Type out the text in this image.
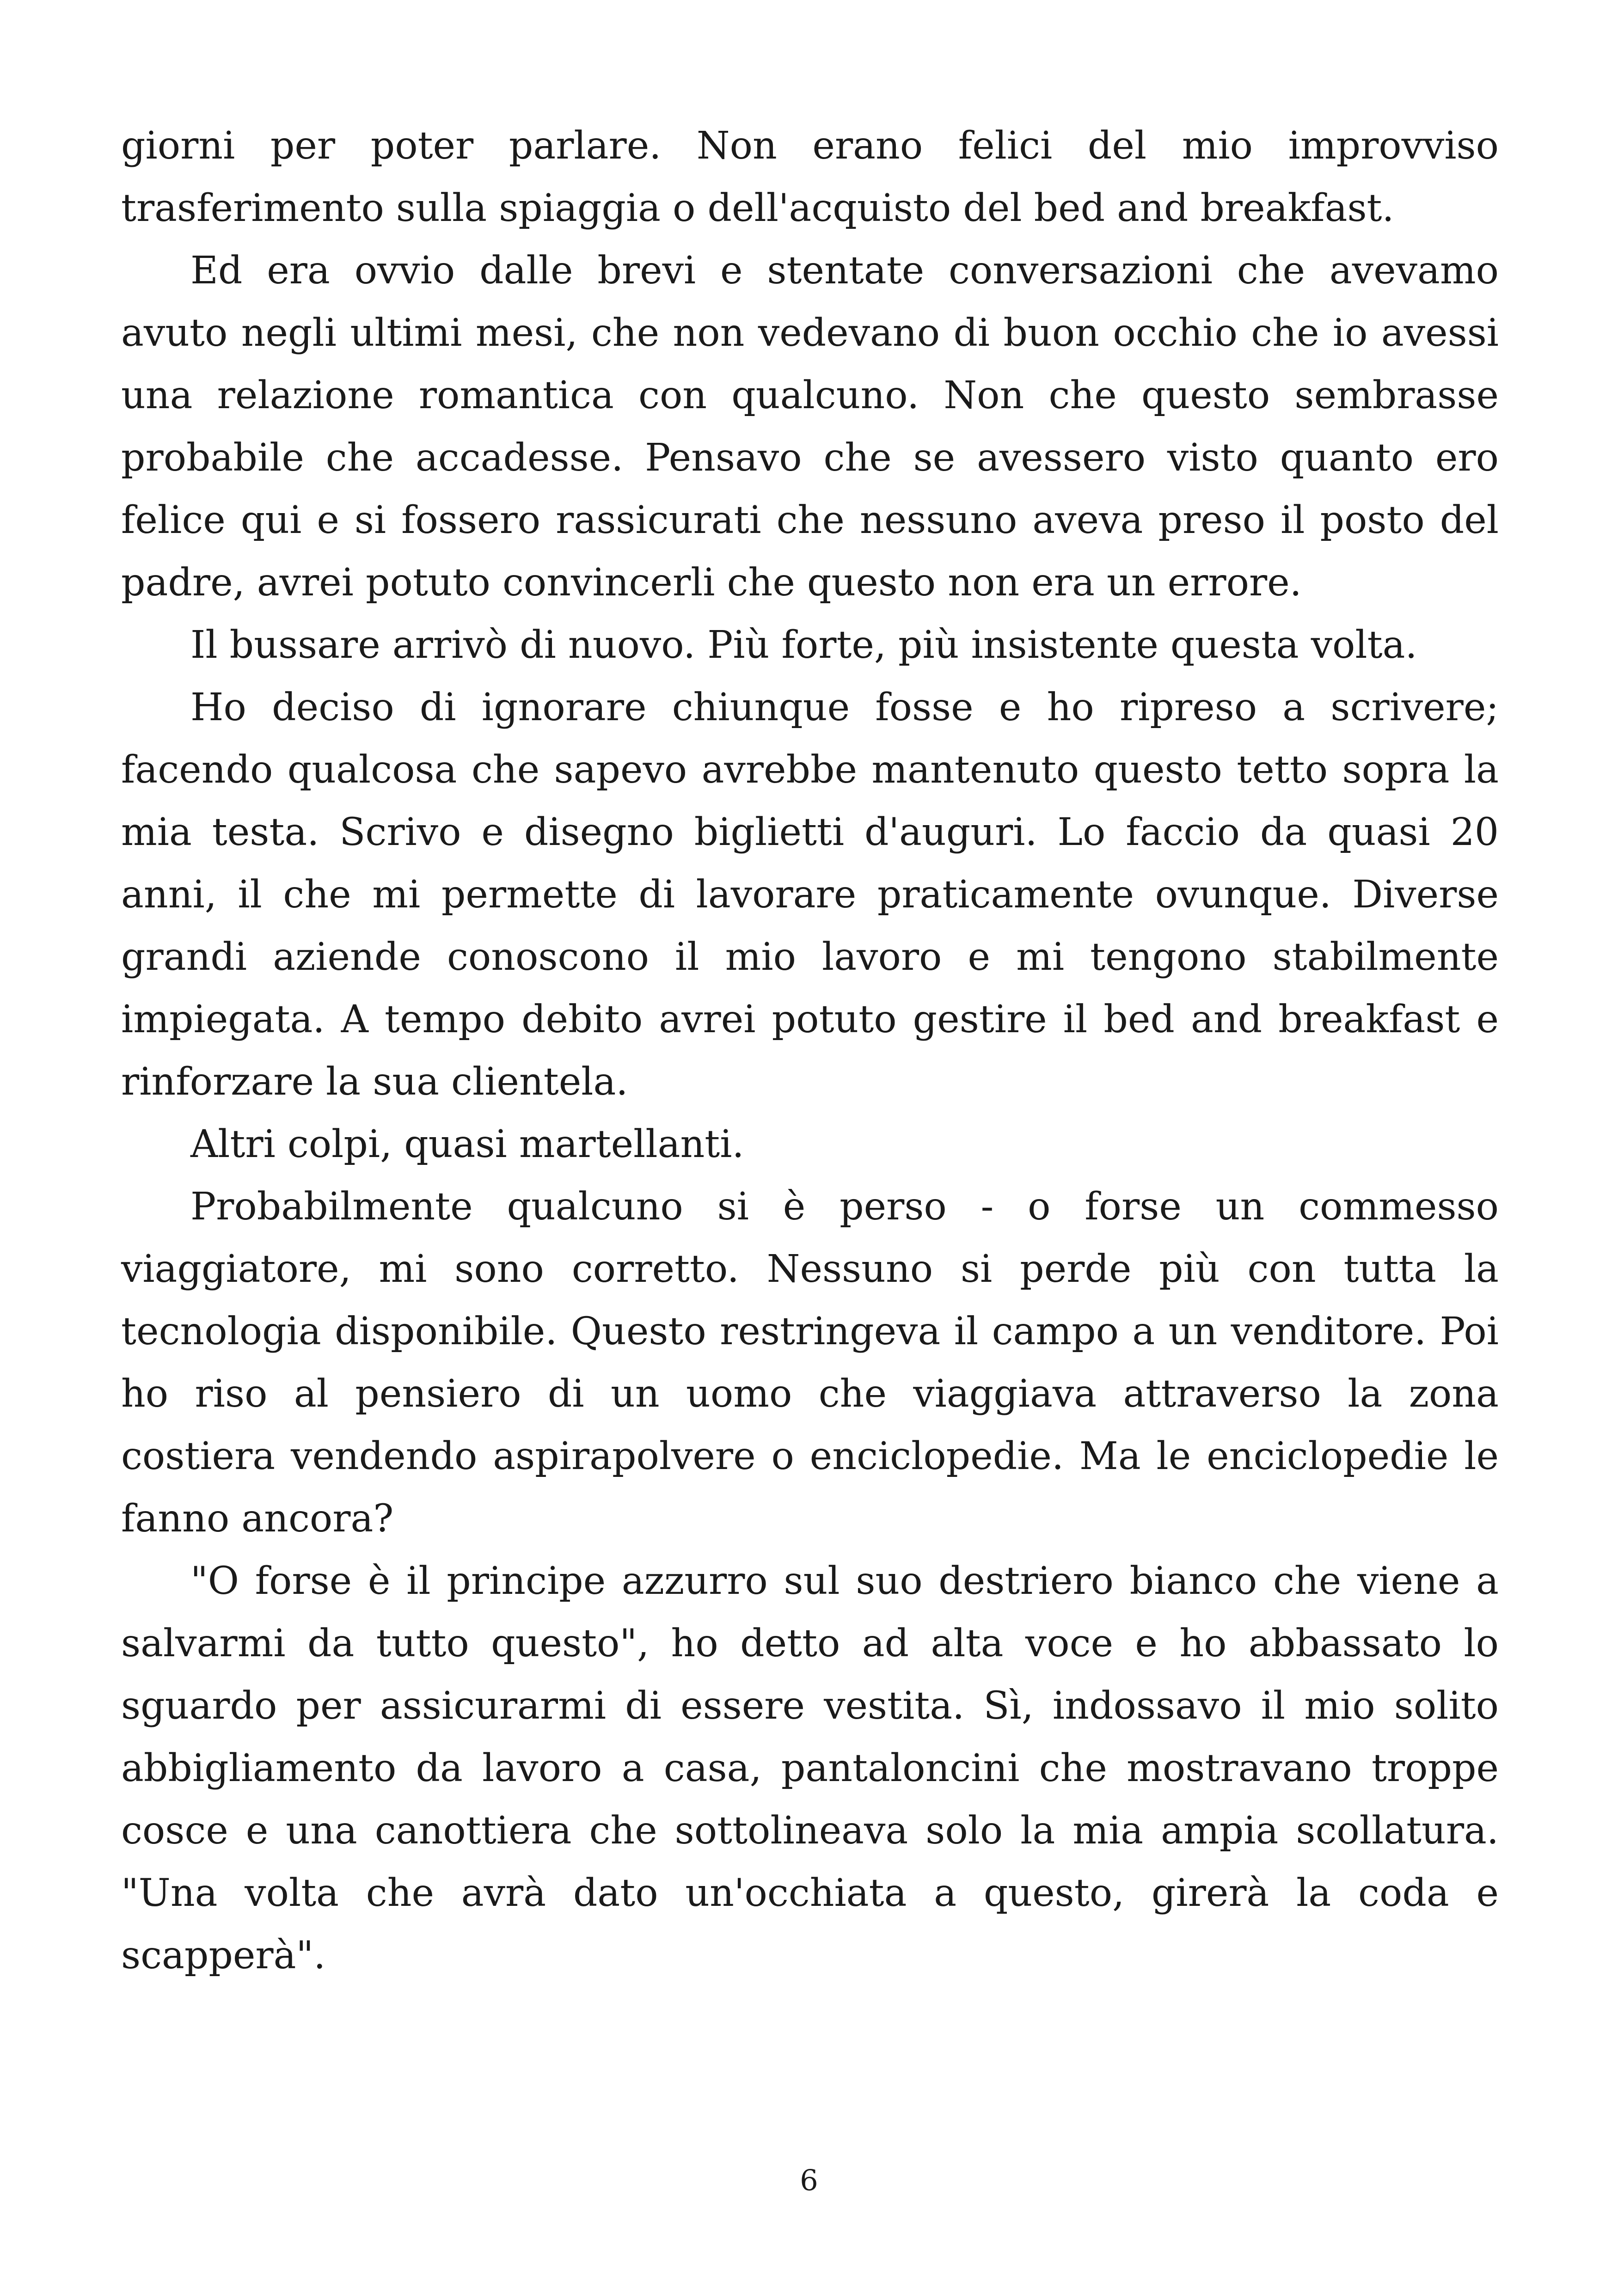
giorni per poter parlare. Non erano felici del mio improvviso trasferimento sulla spiaggia o dell'acquisto del bed and breakfast.

Ed era ovvio dalle brevi e stentate conversazioni che avevamo avuto negli ultimi mesi, che non vedevano di buon occhio che io avessi una relazione romantica con qualcuno. Non che questo sembrasse probabile che accadesse. Pensavo che se avessero visto quanto ero felice qui e si fossero rassicurati che nessuno aveva preso il posto del padre, avrei potuto convincerli che questo non era un errore.

Il bussare arrivò di nuovo. Più forte, più insistente questa volta.

Ho deciso di ignorare chiunque fosse e ho ripreso a scrivere; facendo qualcosa che sapevo avrebbe mantenuto questo tetto sopra la mia testa. Scrivo e disegno biglietti d'auguri. Lo faccio da quasi 20 anni, il che mi permette di lavorare praticamente ovunque. Diverse grandi aziende conoscono il mio lavoro e mi tengono stabilmente impiegata. A tempo debito avrei potuto gestire il bed and breakfast e rinforzare la sua clientela.

Altri colpi, quasi martellanti.

Probabilmente qualcuno si è perso - o forse un commesso viaggiatore, mi sono corretto. Nessuno si perde più con tutta la tecnologia disponibile. Questo restringeva il campo a un venditore. Poi ho riso al pensiero di un uomo che viaggiava attraverso la zona costiera vendendo aspirapolvere o enciclopedie. Ma le enciclopedie le fanno ancora?

"O forse è il principe azzurro sul suo destriero bianco che viene a salvarmi da tutto questo", ho detto ad alta voce e ho abbassato lo sguardo per assicurarmi di essere vestita. Sì, indossavo il mio solito abbigliamento da lavoro a casa, pantaloncini che mostravano troppe cosce e una canottiera che sottolineava solo la mia ampia scollatura. "Una volta che avrà dato un'occhiata a questo, girerà la coda e scapperà".

6
